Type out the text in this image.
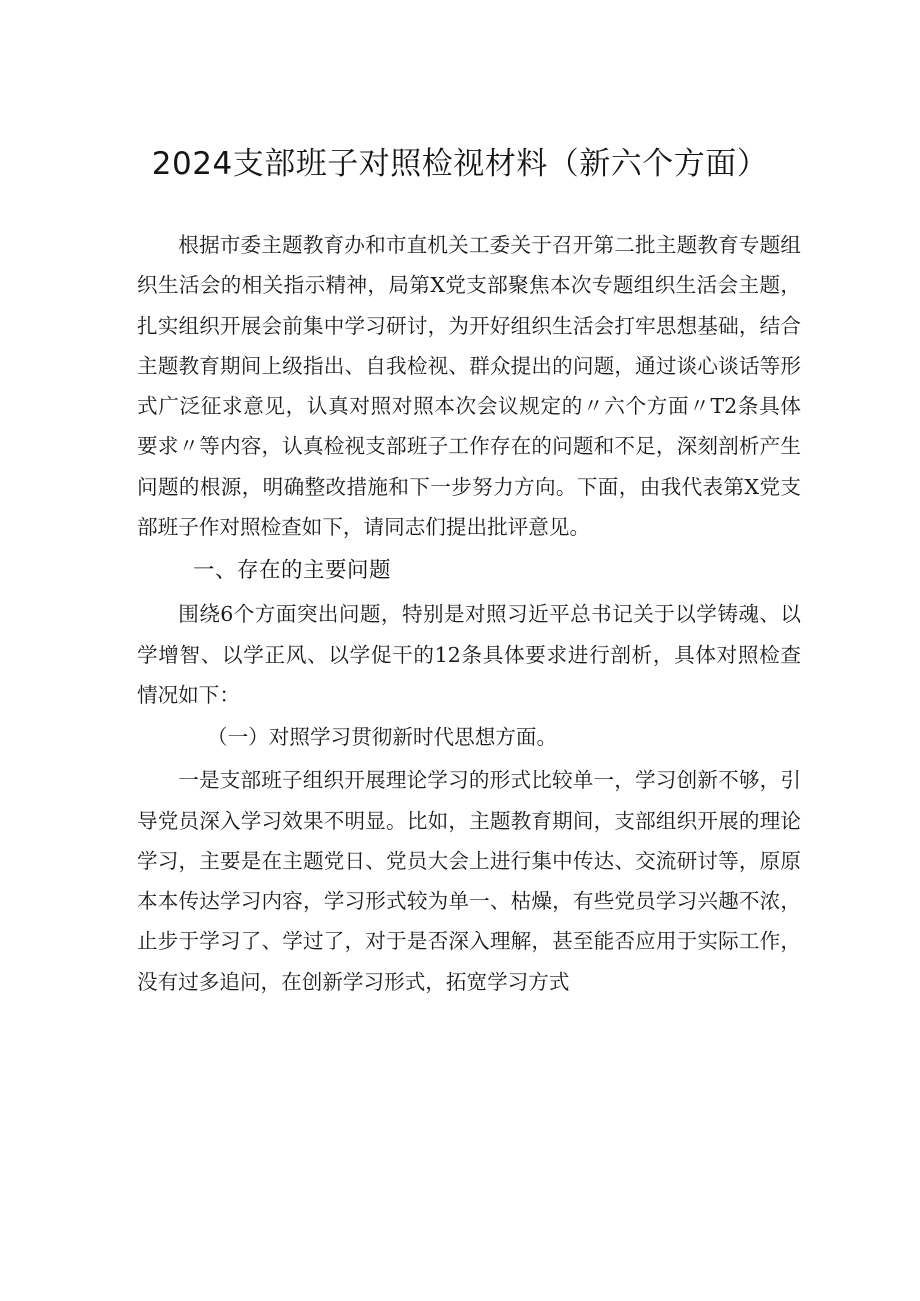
2024支部班子对照检视材料（新六个方面）

根据市委主题教育办和市直机关工委关于召开第二批主题教育专题组织生活会的相关指示精神，局第X党支部聚焦本次专题组织生活会主题，扎实组织开展会前集中学习研讨，为开好组织生活会打牢思想基础，结合主题教育期间上级指出、自我检视、群众提出的问题，通过谈心谈话等形式广泛征求意见，认真对照对照本次会议规定的〃六个方面〃T2条具体要求〃等内容，认真检视支部班子工作存在的问题和不足，深刻剖析产生问题的根源，明确整改措施和下一步努力方向。下面，由我代表第X党支部班子作对照检查如下，请同志们提出批评意见。

一、存在的主要问题

围绕6个方面突出问题，特别是对照习近平总书记关于以学铸魂、以学增智、以学正风、以学促干的12条具体要求进行剖析，具体对照检查情况如下：

（一）对照学习贯彻新时代思想方面。

一是支部班子组织开展理论学习的形式比较单一，学习创新不够，引导党员深入学习效果不明显。比如，主题教育期间，支部组织开展的理论学习，主要是在主题党日、党员大会上进行集中传达、交流研讨等，原原本本传达学习内容，学习形式较为单一、枯燥，有些党员学习兴趣不浓，止步于学习了、学过了，对于是否深入理解，甚至能否应用于实际工作，没有过多追问，在创新学习形式，拓宽学习方式
